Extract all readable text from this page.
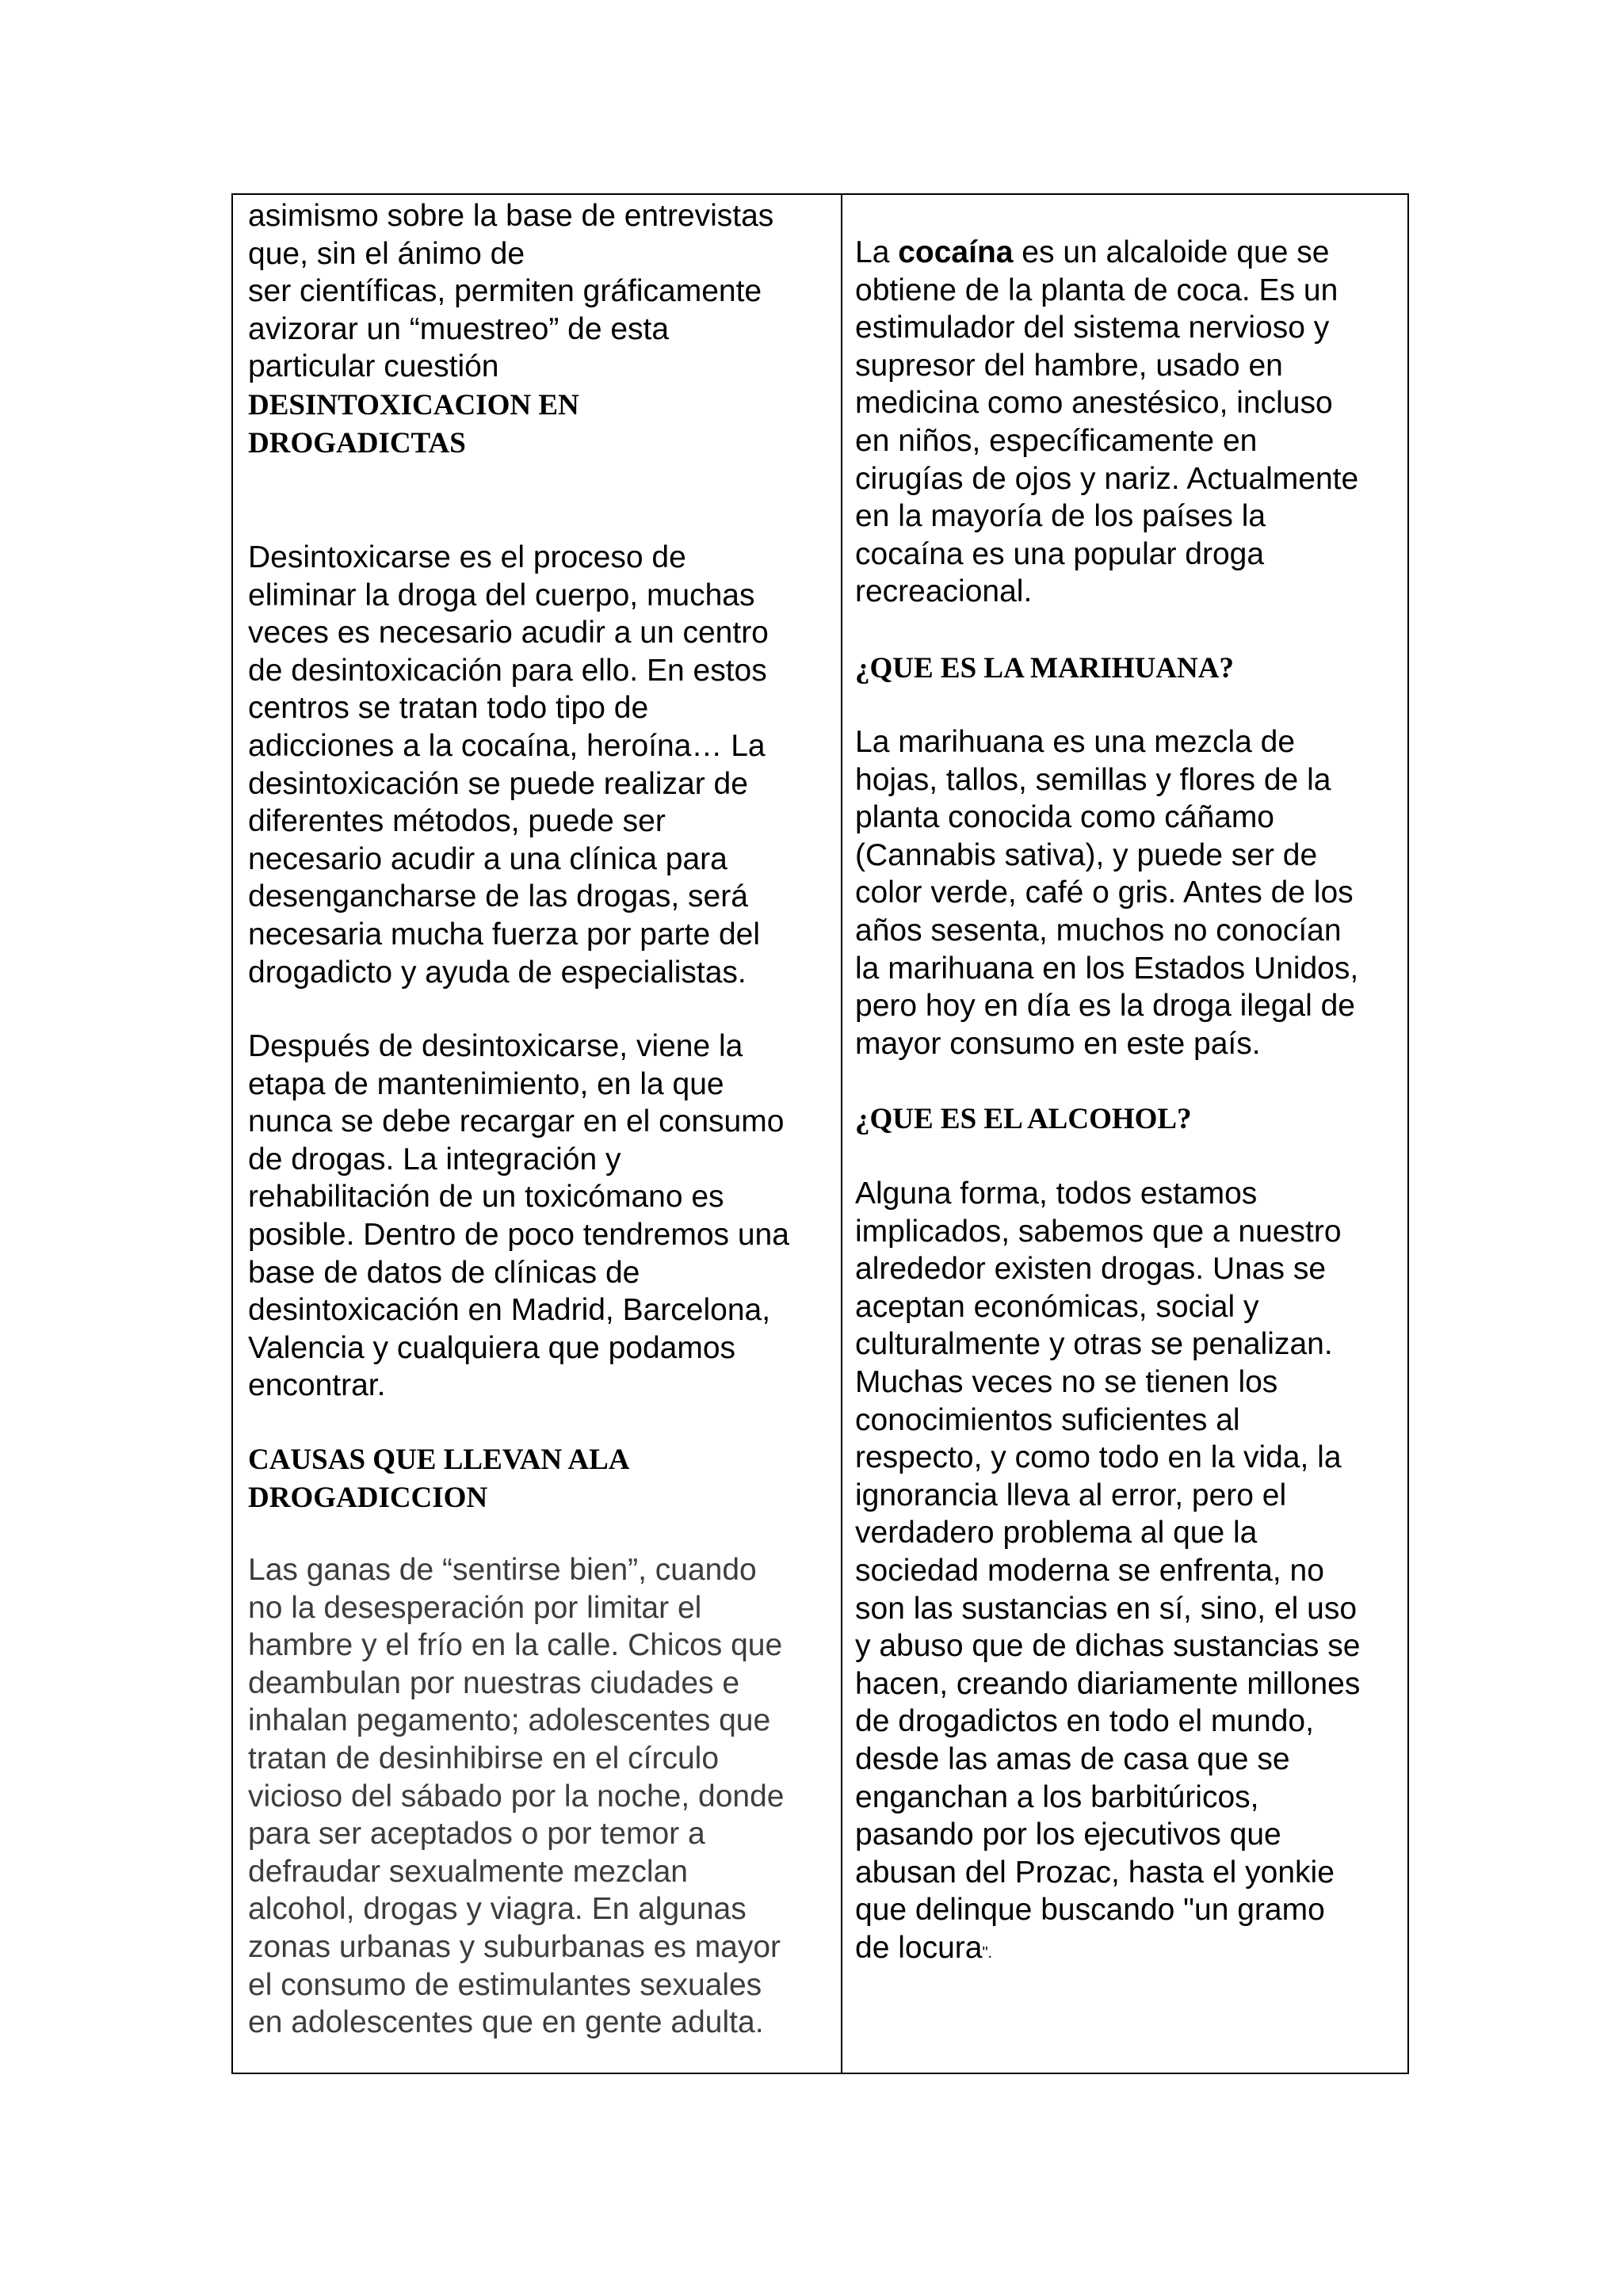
asimismo sobre la base de entrevistas
que, sin el ánimo de
ser científicas, permiten gráficamente
avizorar un “muestreo” de esta
particular cuestión

DESINTOXICACION EN
DROGADICTAS

Desintoxicarse es el proceso de
eliminar la droga del cuerpo, muchas
veces es necesario acudir a un centro
de desintoxicación para ello. En estos
centros se tratan todo tipo de
adicciones a la cocaína, heroína… La
desintoxicación se puede realizar de
diferentes métodos, puede ser
necesario acudir a una clínica para
desengancharse de las drogas, será
necesaria mucha fuerza por parte del
drogadicto y ayuda de especialistas.

Después de desintoxicarse, viene la
etapa de mantenimiento, en la que
nunca se debe recargar en el consumo
de drogas. La integración y
rehabilitación de un toxicómano es
posible. Dentro de poco tendremos una
base de datos de clínicas de
desintoxicación en Madrid, Barcelona,
Valencia y cualquiera que podamos
encontrar.

CAUSAS QUE LLEVAN ALA
DROGADICCION

Las ganas de “sentirse bien”, cuando
no la desesperación por limitar el
hambre y el frío en la calle. Chicos que
deambulan por nuestras ciudades e
inhalan pegamento; adolescentes que
tratan de desinhibirse en el círculo
vicioso del sábado por la noche, donde
para ser aceptados o por temor a
defraudar sexualmente mezclan
alcohol, drogas y viagra. En algunas
zonas urbanas y suburbanas es mayor
el consumo de estimulantes sexuales
en adolescentes que en gente adulta.

La cocaína es un alcaloide que se
obtiene de la planta de coca. Es un
estimulador del sistema nervioso y
supresor del hambre, usado en
medicina como anestésico, incluso
en niños, específicamente en
cirugías de ojos y nariz. Actualmente
en la mayoría de los países la
cocaína es una popular droga
recreacional.

¿QUE ES LA MARIHUANA?

La marihuana es una mezcla de
hojas, tallos, semillas y flores de la
planta conocida como cáñamo
(Cannabis sativa), y puede ser de
color verde, café o gris. Antes de los
años sesenta, muchos no conocían
la marihuana en los Estados Unidos,
pero hoy en día es la droga ilegal de
mayor consumo en este país.

¿QUE ES EL ALCOHOL?

Alguna forma, todos estamos
implicados, sabemos que a nuestro
alrededor existen drogas. Unas se
aceptan económicas, social y
culturalmente y otras se penalizan.
Muchas veces no se tienen los
conocimientos suficientes al
respecto, y como todo en la vida, la
ignorancia lleva al error, pero el
verdadero problema al que la
sociedad moderna se enfrenta, no
son las sustancias en sí, sino, el uso
y abuso que de dichas sustancias se
hacen, creando diariamente millones
de drogadictos en todo el mundo,
desde las amas de casa que se
enganchan a los barbitúricos,
pasando por los ejecutivos que
abusan del Prozac, hasta el yonkie
que delinque buscando "un gramo
de locura".
